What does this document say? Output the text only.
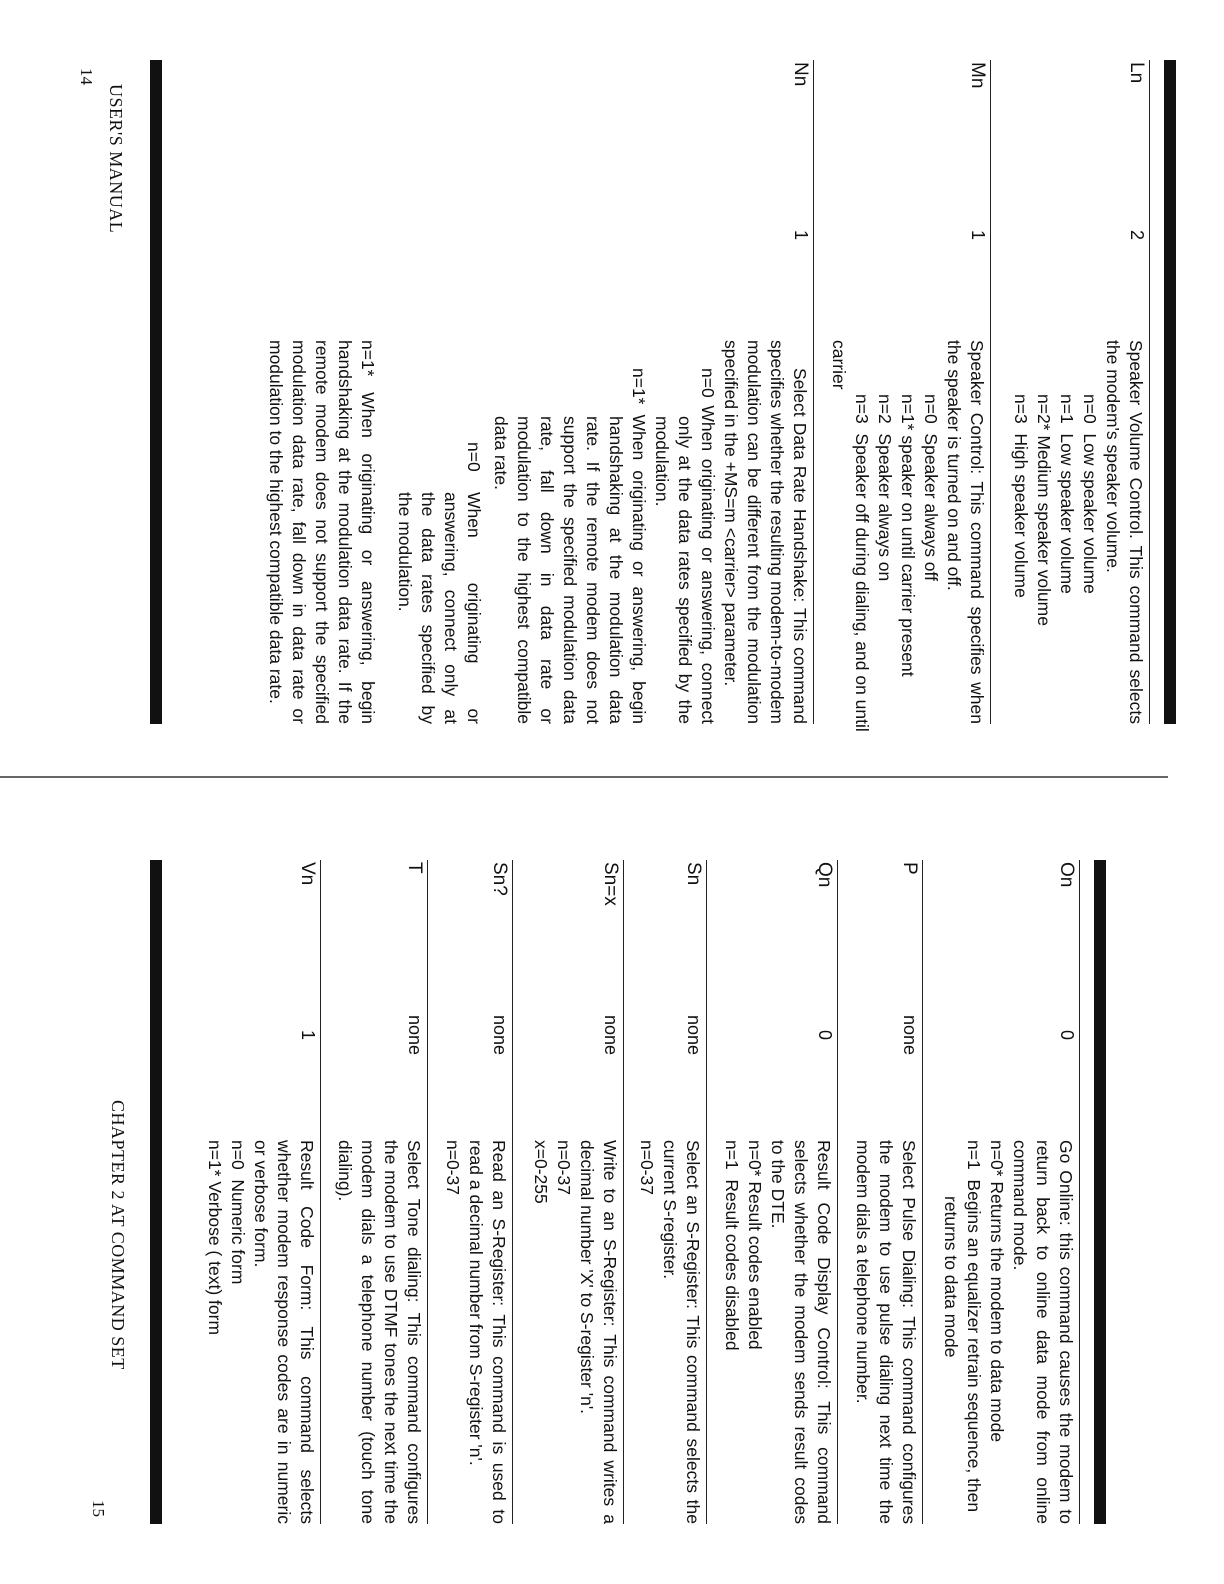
Ln
2

Speaker Volume Control. This command selects the modem's speaker volume.

n=0  Low speaker volume

n=1  Low speaker volume

n=2* Medium speaker volume

n=3  High speaker volume

Mn
1

Speaker Control: This command specifies when the speaker is turned on and off.

n=0  Speaker always off

n=1* speaker on until carrier present

n=2  Speaker always on

n=3  Speaker off during dialing, and on until

carrier

Nn
1

Select Data Rate Handshake: This command specifies whether the resulting modem-to-modem modulation can be different from the modulation specified in the +MS=m <carrier> parameter.

n=0 When originating or answering, connect only at the data rates specified by the modulation.

n=1* When originating or answering, begin handshaking at the modulation data rate. If the remote modem does not support the specified modulation data rate, fall down in data rate or modulation to the highest compatible data rate.

n=0

When originating or answering, connect only at the data rates specified by the modulation.

n=1* When originating or answering, begin handshaking at the modulation data rate. If the remote modem does not support the specified modulation data rate, fall down in data rate or modulation to the highest compatible data rate.

USER'S MANUAL
14
On
0

Go Online: this command causes the modem to return back to online data mode from online command mode.

n=0* Returns the modem to data mode

n=1  Begins an equalizer retrain sequence, then

returns to data mode

P
none

Select Pulse Dialing: This command configures the modem to use pulse dialing next time the modem dials a telephone number.

Qn
0

Result Code Display Control: This command selects whether the modem sends result codes to the DTE.

n=0* Result codes enabled

n=1  Result codes disabled

Sn
none

Select an S-Register: This command selects the current S-register.

n=0-37

Sn=x
none

Write to an S-Register: This command writes a decimal number 'X' to S-register 'n'.

n=0-37

x=0-255

Sn?
none

Read an S-Register: This command is used to read a decimal number from S-register 'n'.

n=0-37

T
none

Select Tone dialing: This command configures the modem to use DTMF tones the next time the modem dials a telephone number (touch tone dialing).

Vn
1

Result Code Form: This command selects whether modem response codes are in numeric or verbose form.

n=0  Numeric form

n=1* Verbose ( text) form

CHAPTER 2 AT COMMAND SET
15
